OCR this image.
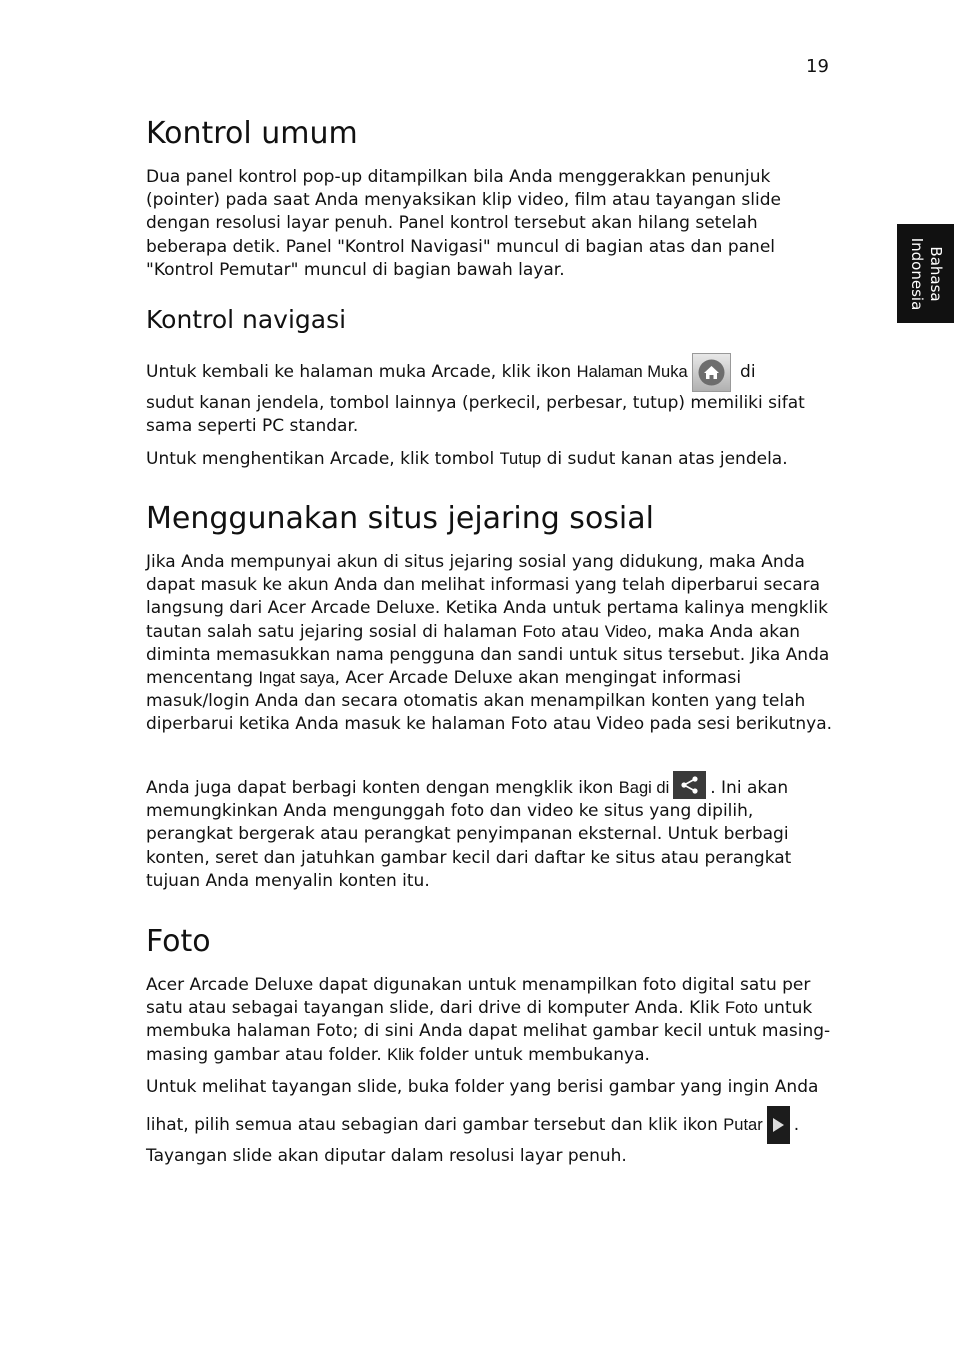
19
Bahasa
Indonesia
Kontrol umum

Dua panel kontrol pop-up ditampilkan bila Anda menggerakkan penunjuk (pointer) pada saat Anda menyaksikan klip video, film atau tayangan slide dengan resolusi layar penuh. Panel kontrol tersebut akan hilang setelah beberapa detik. Panel "Kontrol Navigasi" muncul di bagian atas dan panel "Kontrol Pemutar" muncul di bagian bawah layar.

Kontrol navigasi
Untuk kembali ke halaman muka Arcade, klik ikon Halaman Muka	di

sudut kanan jendela, tombol lainnya (perkecil, perbesar, tutup) memiliki sifat sama seperti PC standar.

Untuk menghentikan Arcade, klik tombol Tutup di sudut kanan atas jendela.

Menggunakan situs jejaring sosial

Jika Anda mempunyai akun di situs jejaring sosial yang didukung, maka Anda dapat masuk ke akun Anda dan melihat informasi yang telah diperbarui secara langsung dari Acer Arcade Deluxe. Ketika Anda untuk pertama kalinya mengklik tautan salah satu jejaring sosial di halaman Foto atau Video, maka Anda akan diminta memasukkan nama pengguna dan sandi untuk situs tersebut. Jika Anda mencentang Ingat saya, Acer Arcade Deluxe akan mengingat informasi masuk/login Anda dan secara otomatis akan menampilkan konten yang telah diperbarui ketika Anda masuk ke halaman Foto atau Video pada sesi berikutnya.

Anda juga dapat berbagi konten dengan mengklik ikon Bagi di . Ini akan memungkinkan Anda mengunggah foto dan video ke situs yang dipilih, perangkat bergerak atau perangkat penyimpanan eksternal. Untuk berbagi konten, seret dan jatuhkan gambar kecil dari daftar ke situs atau perangkat tujuan Anda menyalin konten itu.

Foto

Acer Arcade Deluxe dapat digunakan untuk menampilkan foto digital satu per satu atau sebagai tayangan slide, dari drive di komputer Anda. Klik Foto untuk membuka halaman Foto; di sini Anda dapat melihat gambar kecil untuk masing-masing gambar atau folder. Klik folder untuk membukanya.

Untuk melihat tayangan slide, buka folder yang berisi gambar yang ingin Anda
lihat, pilih semua atau sebagian dari gambar tersebut dan klik ikon Putar .
Tayangan slide akan diputar dalam resolusi layar penuh.
